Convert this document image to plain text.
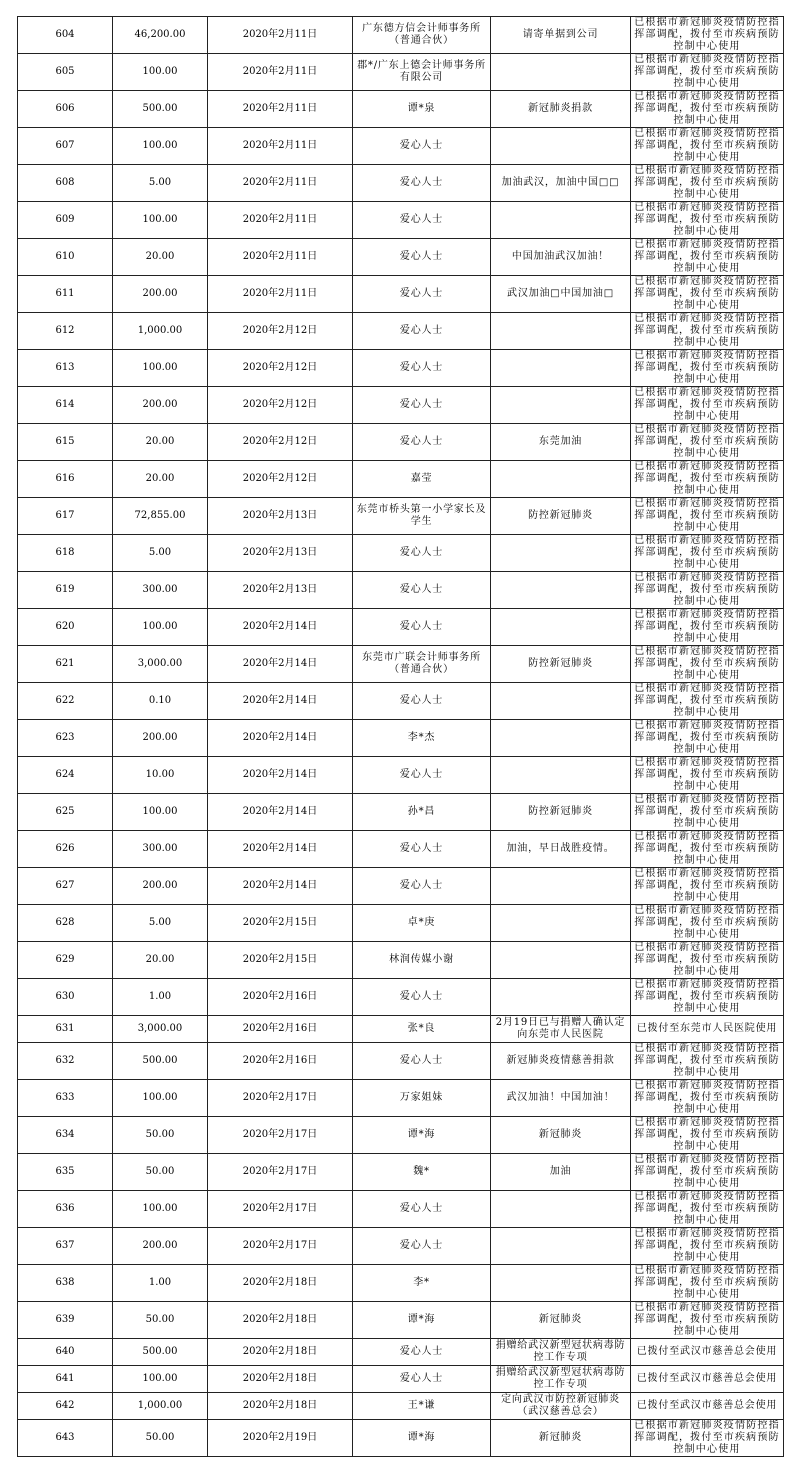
604	46,200.00	2020年2月11日	广东德方信会计师事务所（普通合伙）	请寄单据到公司	已根据市新冠肺炎疫情防控指挥部调配，拨付至市疾病预防控制中心使用
605	100.00	2020年2月11日	郡*/广东上德会计师事务所有限公司		已根据市新冠肺炎疫情防控指挥部调配，拨付至市疾病预防控制中心使用
606	500.00	2020年2月11日	谭*泉	新冠肺炎捐款	已根据市新冠肺炎疫情防控指挥部调配，拨付至市疾病预防控制中心使用
607	100.00	2020年2月11日	爱心人士		已根据市新冠肺炎疫情防控指挥部调配，拨付至市疾病预防控制中心使用
608	5.00	2020年2月11日	爱心人士	加油武汉，加油中国□□	已根据市新冠肺炎疫情防控指挥部调配，拨付至市疾病预防控制中心使用
609	100.00	2020年2月11日	爱心人士		已根据市新冠肺炎疫情防控指挥部调配，拨付至市疾病预防控制中心使用
610	20.00	2020年2月11日	爱心人士	中国加油武汉加油！	已根据市新冠肺炎疫情防控指挥部调配，拨付至市疾病预防控制中心使用
611	200.00	2020年2月11日	爱心人士	武汉加油□中国加油□	已根据市新冠肺炎疫情防控指挥部调配，拨付至市疾病预防控制中心使用
612	1,000.00	2020年2月12日	爱心人士		已根据市新冠肺炎疫情防控指挥部调配，拨付至市疾病预防控制中心使用
613	100.00	2020年2月12日	爱心人士		已根据市新冠肺炎疫情防控指挥部调配，拨付至市疾病预防控制中心使用
614	200.00	2020年2月12日	爱心人士		已根据市新冠肺炎疫情防控指挥部调配，拨付至市疾病预防控制中心使用
615	20.00	2020年2月12日	爱心人士	东莞加油	已根据市新冠肺炎疫情防控指挥部调配，拨付至市疾病预防控制中心使用
616	20.00	2020年2月12日	嘉莹		已根据市新冠肺炎疫情防控指挥部调配，拨付至市疾病预防控制中心使用
617	72,855.00	2020年2月13日	东莞市桥头第一小学家长及学生	防控新冠肺炎	已根据市新冠肺炎疫情防控指挥部调配，拨付至市疾病预防控制中心使用
618	5.00	2020年2月13日	爱心人士		已根据市新冠肺炎疫情防控指挥部调配，拨付至市疾病预防控制中心使用
619	300.00	2020年2月13日	爱心人士		已根据市新冠肺炎疫情防控指挥部调配，拨付至市疾病预防控制中心使用
620	100.00	2020年2月14日	爱心人士		已根据市新冠肺炎疫情防控指挥部调配，拨付至市疾病预防控制中心使用
621	3,000.00	2020年2月14日	东莞市广联会计师事务所（普通合伙）	防控新冠肺炎	已根据市新冠肺炎疫情防控指挥部调配，拨付至市疾病预防控制中心使用
622	0.10	2020年2月14日	爱心人士		已根据市新冠肺炎疫情防控指挥部调配，拨付至市疾病预防控制中心使用
623	200.00	2020年2月14日	李*杰		已根据市新冠肺炎疫情防控指挥部调配，拨付至市疾病预防控制中心使用
624	10.00	2020年2月14日	爱心人士		已根据市新冠肺炎疫情防控指挥部调配，拨付至市疾病预防控制中心使用
625	100.00	2020年2月14日	孙*昌	防控新冠肺炎	已根据市新冠肺炎疫情防控指挥部调配，拨付至市疾病预防控制中心使用
626	300.00	2020年2月14日	爱心人士	加油，早日战胜疫情。	已根据市新冠肺炎疫情防控指挥部调配，拨付至市疾病预防控制中心使用
627	200.00	2020年2月14日	爱心人士		已根据市新冠肺炎疫情防控指挥部调配，拨付至市疾病预防控制中心使用
628	5.00	2020年2月15日	卓*庚		已根据市新冠肺炎疫情防控指挥部调配，拨付至市疾病预防控制中心使用
629	20.00	2020年2月15日	林润传媒小谢		已根据市新冠肺炎疫情防控指挥部调配，拨付至市疾病预防控制中心使用
630	1.00	2020年2月16日	爱心人士		已根据市新冠肺炎疫情防控指挥部调配，拨付至市疾病预防控制中心使用
631	3,000.00	2020年2月16日	张*良	2月19日已与捐赠人确认定向东莞市人民医院	已拨付至东莞市人民医院使用
632	500.00	2020年2月16日	爱心人士	新冠肺炎疫情慈善捐款	已根据市新冠肺炎疫情防控指挥部调配，拨付至市疾病预防控制中心使用
633	100.00	2020年2月17日	万家姐妹	武汉加油！中国加油！	已根据市新冠肺炎疫情防控指挥部调配，拨付至市疾病预防控制中心使用
634	50.00	2020年2月17日	谭*海	新冠肺炎	已根据市新冠肺炎疫情防控指挥部调配，拨付至市疾病预防控制中心使用
635	50.00	2020年2月17日	魏*	加油	已根据市新冠肺炎疫情防控指挥部调配，拨付至市疾病预防控制中心使用
636	100.00	2020年2月17日	爱心人士		已根据市新冠肺炎疫情防控指挥部调配，拨付至市疾病预防控制中心使用
637	200.00	2020年2月17日	爱心人士		已根据市新冠肺炎疫情防控指挥部调配，拨付至市疾病预防控制中心使用
638	1.00	2020年2月18日	李*		已根据市新冠肺炎疫情防控指挥部调配，拨付至市疾病预防控制中心使用
639	50.00	2020年2月18日	谭*海	新冠肺炎	已根据市新冠肺炎疫情防控指挥部调配，拨付至市疾病预防控制中心使用
640	500.00	2020年2月18日	爱心人士	捐赠给武汉新型冠状病毒防控工作专项	已拨付至武汉市慈善总会使用
641	100.00	2020年2月18日	爱心人士	捐赠给武汉新型冠状病毒防控工作专项	已拨付至武汉市慈善总会使用
642	1,000.00	2020年2月18日	王*谦	定向武汉市防控新冠肺炎（武汉慈善总会）	已拨付至武汉市慈善总会使用
643	50.00	2020年2月19日	谭*海	新冠肺炎	已根据市新冠肺炎疫情防控指挥部调配，拨付至市疾病预防控制中心使用
